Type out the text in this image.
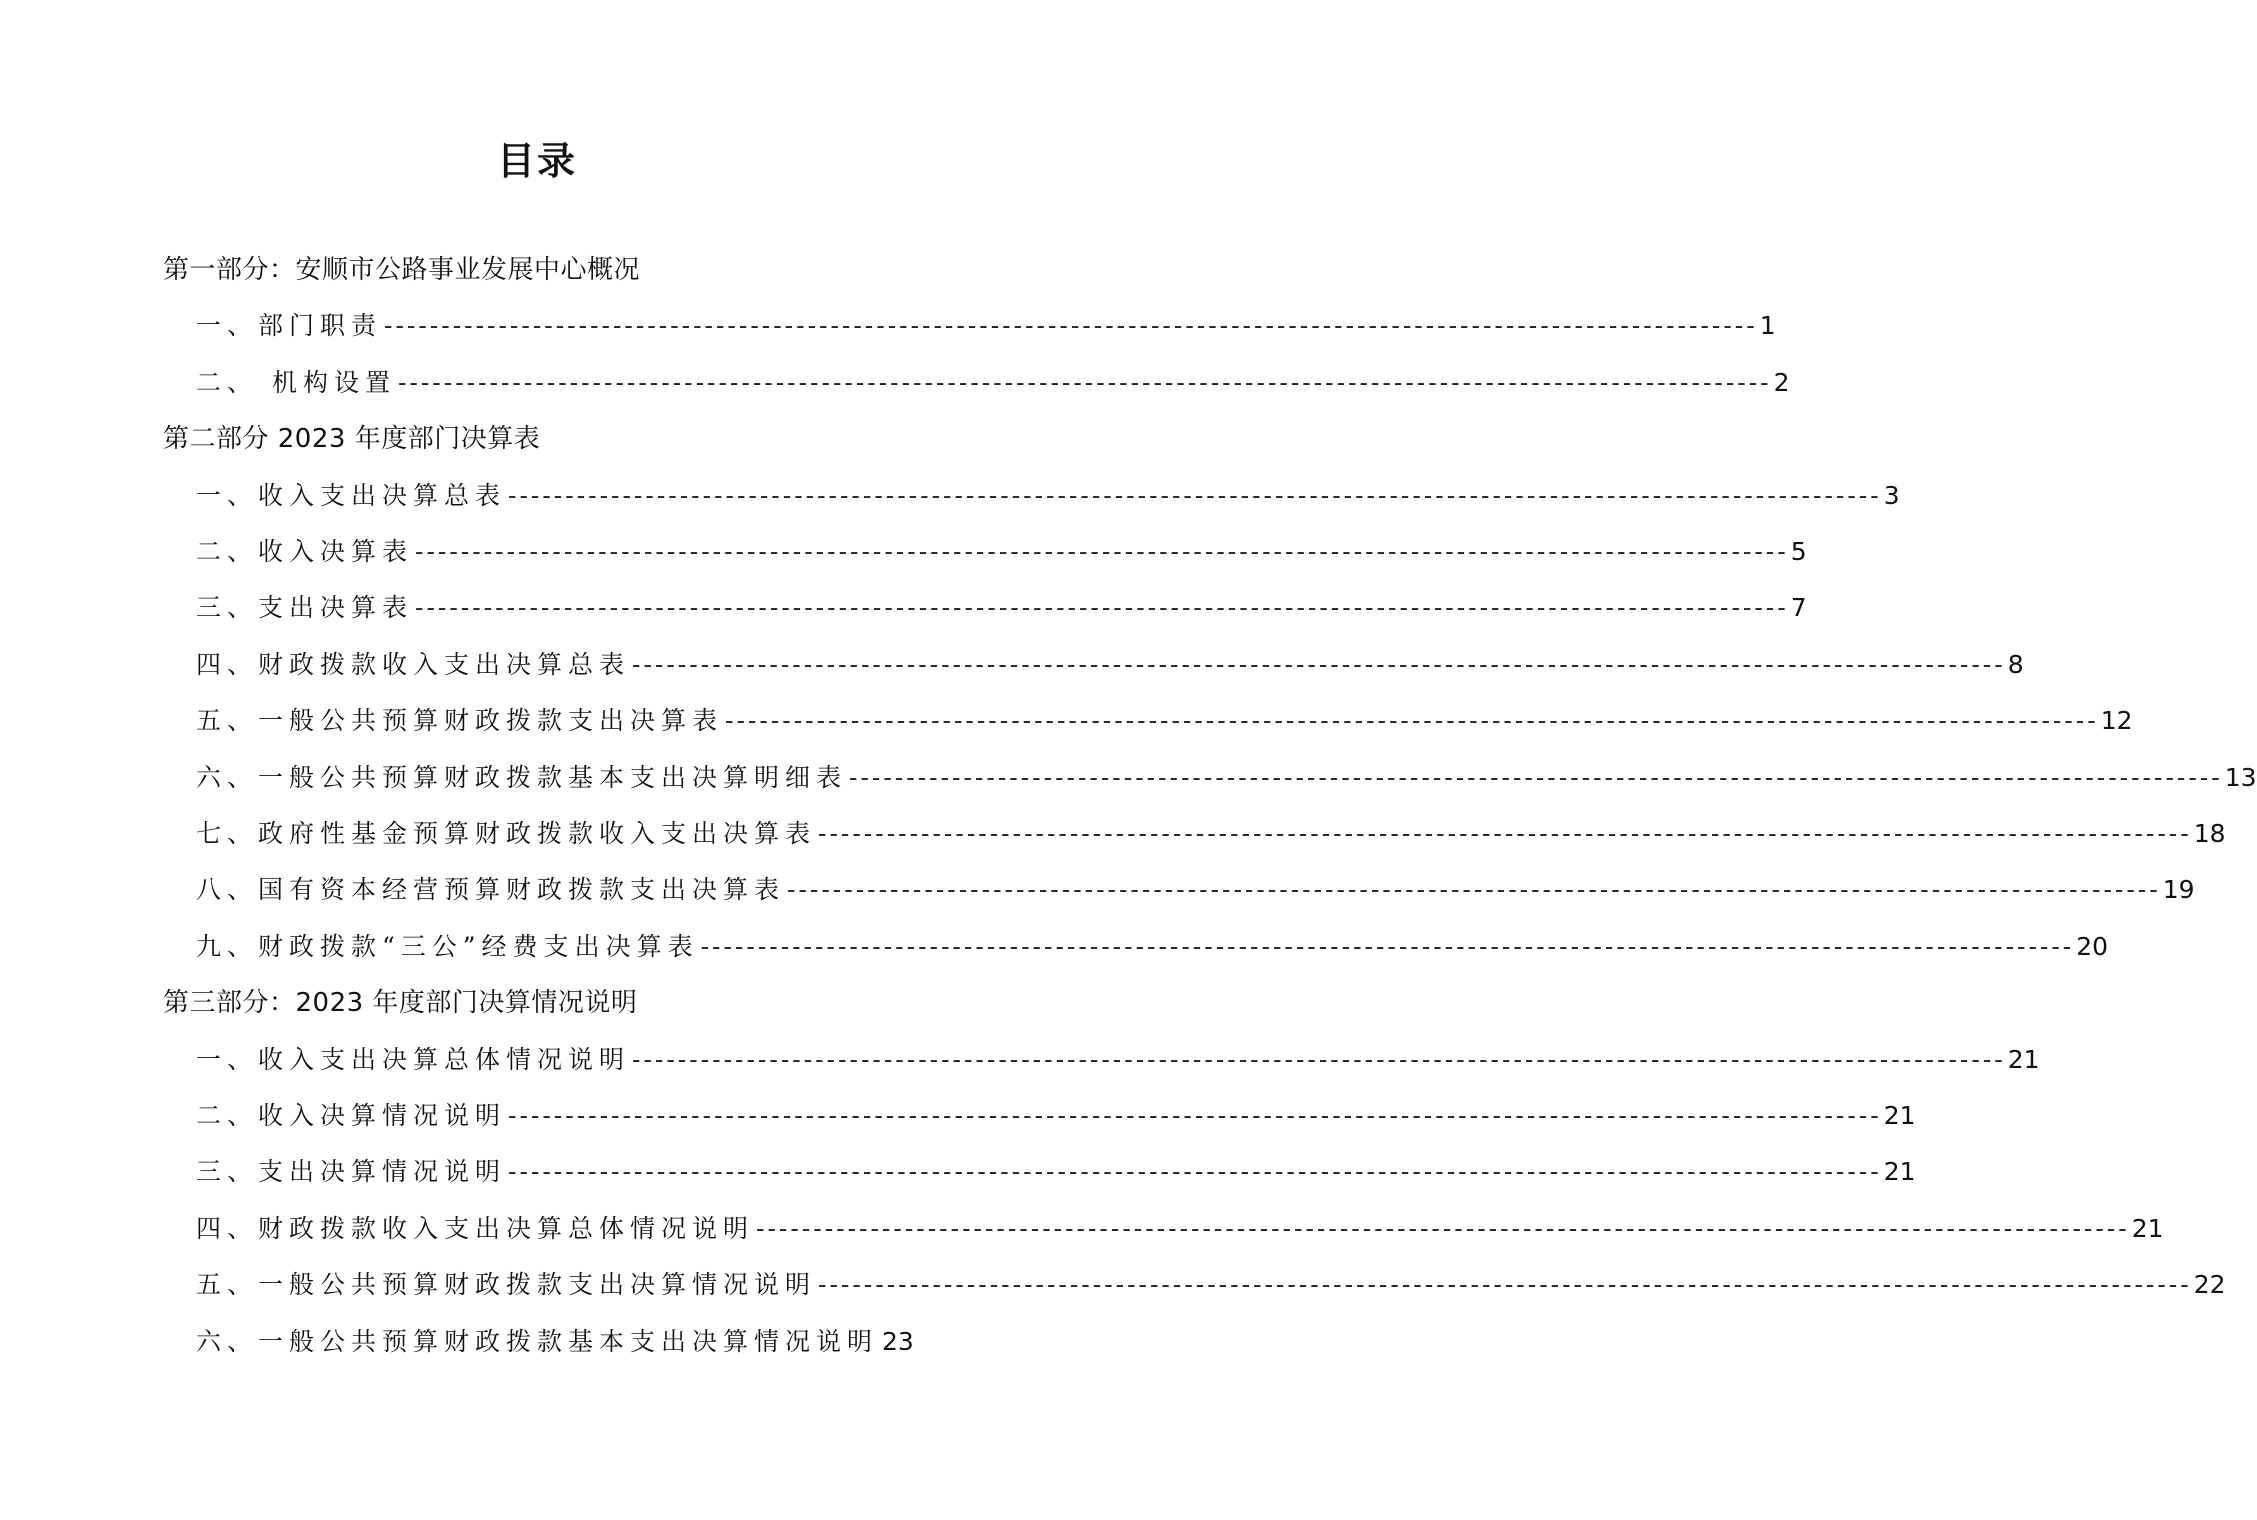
目录
第一部分：安顺市公路事业发展中心概况
一、部门职责 ------------------------------------------------------------------------------------------------------------------------ 1
二、 机构设置 ------------------------------------------------------------------------------------------------------------------------ 2
第二部分 2023 年度部门决算表
一、收入支出决算总表 ------------------------------------------------------------------------------------------------------------------------ 3
二、收入决算表 ------------------------------------------------------------------------------------------------------------------------ 5
三、支出决算表 ------------------------------------------------------------------------------------------------------------------------ 7
四、财政拨款收入支出决算总表 ------------------------------------------------------------------------------------------------------------------------ 8
五、一般公共预算财政拨款支出决算表 ------------------------------------------------------------------------------------------------------------------------ 12
六、一般公共预算财政拨款基本支出决算明细表 ------------------------------------------------------------------------------------------------------------------------ 13
七、政府性基金预算财政拨款收入支出决算表 ------------------------------------------------------------------------------------------------------------------------ 18
八、国有资本经营预算财政拨款支出决算表 ------------------------------------------------------------------------------------------------------------------------ 19
九、财政拨款“三公”经费支出决算表 ------------------------------------------------------------------------------------------------------------------------ 20
第三部分：2023 年度部门决算情况说明
一、收入支出决算总体情况说明 ------------------------------------------------------------------------------------------------------------------------ 21
二、收入决算情况说明 ------------------------------------------------------------------------------------------------------------------------ 21
三、支出决算情况说明 ------------------------------------------------------------------------------------------------------------------------ 21
四、财政拨款收入支出决算总体情况说明 ------------------------------------------------------------------------------------------------------------------------ 21
五、一般公共预算财政拨款支出决算情况说明 ------------------------------------------------------------------------------------------------------------------------ 22
六、一般公共预算财政拨款基本支出决算情况说明 23
